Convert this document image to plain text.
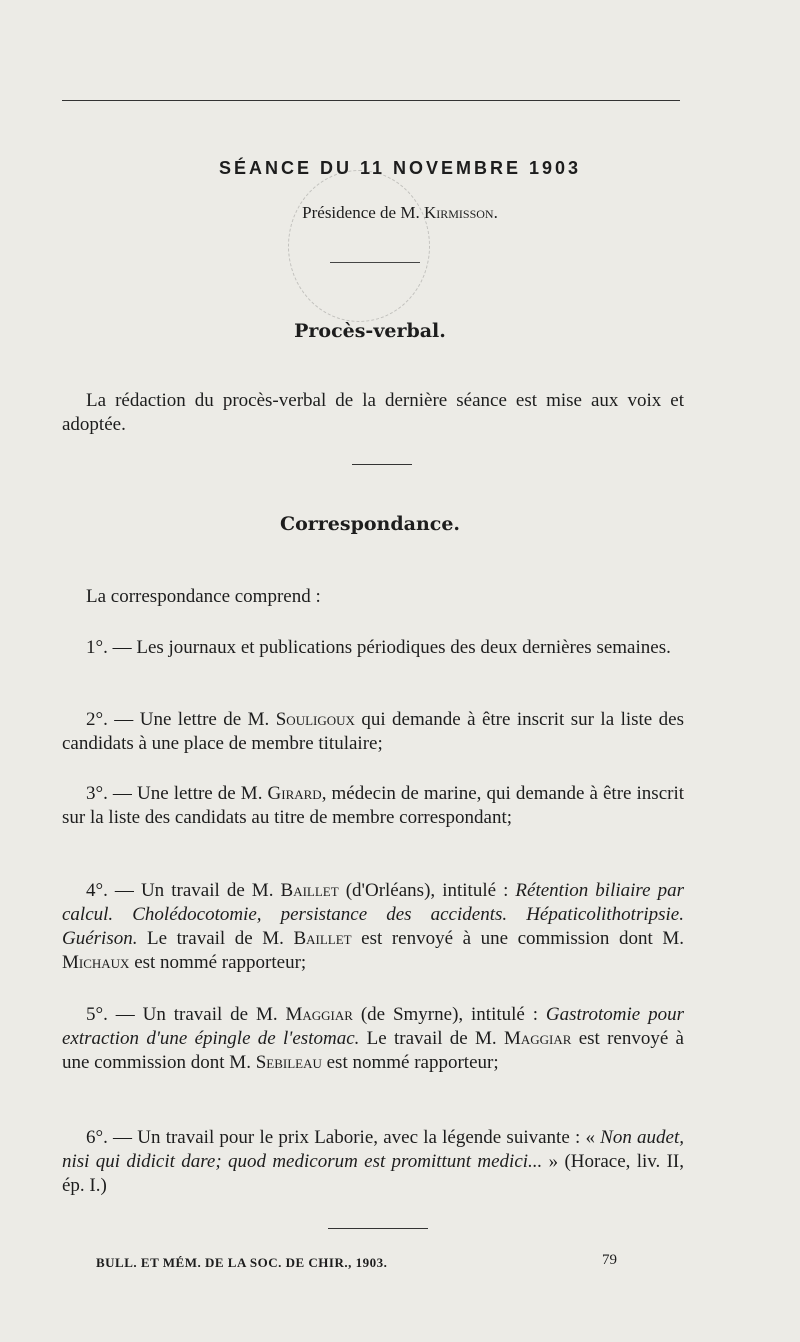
SÉANCE DU 11 NOVEMBRE 1903
Présidence de M. Kirmisson.
Procès-verbal.
La rédaction du procès-verbal de la dernière séance est mise aux voix et adoptée.
Correspondance.
La correspondance comprend :
1°. — Les journaux et publications périodiques des deux dernières semaines.
2°. — Une lettre de M. Souligoux qui demande à être inscrit sur la liste des candidats à une place de membre titulaire;
3°. — Une lettre de M. Girard, médecin de marine, qui demande à être inscrit sur la liste des candidats au titre de membre correspondant;
4°. — Un travail de M. Baillet (d'Orléans), intitulé : Rétention biliaire par calcul. Cholédocotomie, persistance des accidents. Hépaticolithotripsie. Guérison. Le travail de M. Baillet est renvoyé à une commission dont M. Michaux est nommé rapporteur;
5°. — Un travail de M. Maggiar (de Smyrne), intitulé : Gastrotomie pour extraction d'une épingle de l'estomac. Le travail de M. Maggiar est renvoyé à une commission dont M. Sebileau est nommé rapporteur;
6°. — Un travail pour le prix Laborie, avec la légende suivante : « Non audet, nisi qui didicit dare; quod medicorum est promittunt medici... » (Horace, liv. II, ép. I.)
BULL. ET MÉM. DE LA SOC. DE CHIR., 1903.	79
